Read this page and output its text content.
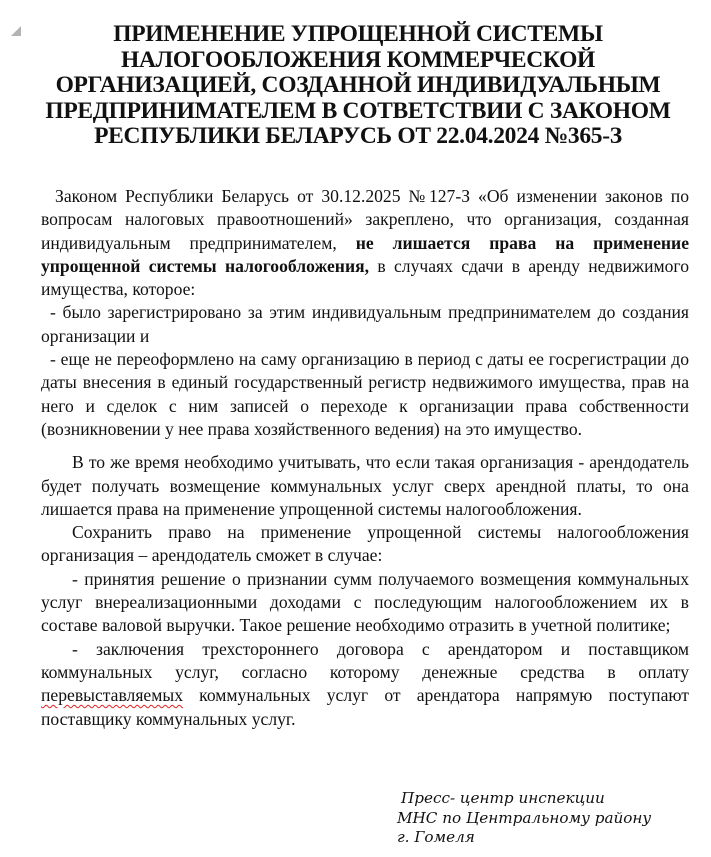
ПРИМЕНЕНИЕ УПРОЩЕННОЙ СИСТЕМЫ
НАЛОГООБЛОЖЕНИЯ КОММЕРЧЕСКОЙ
ОРГАНИЗАЦИЕЙ, СОЗДАННОЙ ИНДИВИДУАЛЬНЫМ
ПРЕДПРИНИМАТЕЛЕМ В СОТВЕТСТВИИ С ЗАКОНОМ
РЕСПУБЛИКИ БЕЛАРУСЬ ОТ 22.04.2024 №365-З

Законом Республики Беларусь от 30.12.2025 №127-З «Об изменении законов по вопросам налоговых правоотношений» закреплено, что организация, созданная индивидуальным предпринимателем, не лишается права на применение упрощенной системы налогообложения, в случаях сдачи в аренду недвижимого имущества, которое:

- было зарегистрировано за этим индивидуальным предпринимателем до создания организации и

- еще не переоформлено на саму организацию в период с даты ее госрегистрации до даты внесения в единый государственный регистр недвижимого имущества, прав на него и сделок с ним записей о переходе к организации права собственности (возникновении у нее права хозяйственного ведения) на это имущество.

В то же время необходимо учитывать, что если такая организация - арендодатель будет получать возмещение коммунальных услуг сверх арендной платы, то она лишается права на применение упрощенной системы налогообложения.

Сохранить право на применение упрощенной системы налогообложения организация – арендодатель сможет в случае:

- принятия решение о признании сумм получаемого возмещения коммунальных услуг внереализационными доходами с последующим налогообложением их в составе валовой выручки. Такое решение необходимо отразить в учетной политике;

- заключения трехстороннего договора с арендатором и поставщиком коммунальных услуг, согласно которому денежные средства в оплату перевыставляемых коммунальных услуг от арендатора напрямую поступают поставщику коммунальных услуг.

Пресс- центр инспекции
МНС по Центральному району
г. Гомеля
